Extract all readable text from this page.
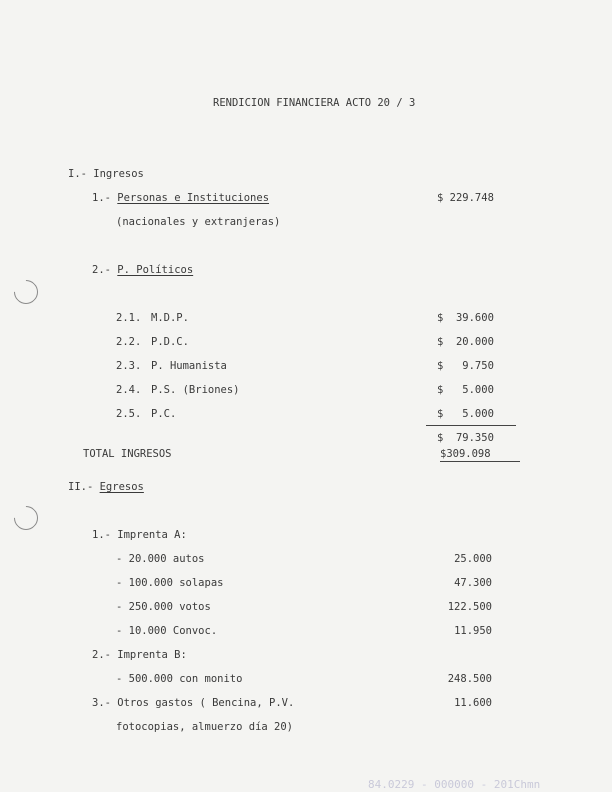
RENDICION FINANCIERA ACTO 20 / 3
I.- Ingresos
1.- Personas e Instituciones	$ 229.748
(nacionales y extranjeras)
2.- P. Políticos
2.1. M.D.P.	$  39.600
2.2. P.D.C.	$  20.000
2.3. P. Humanista	$   9.750
2.4. P.S. (Briones)	$   5.000
2.5. P.C.	$   5.000
$  79.350
TOTAL INGRESOS	$309.098
II.- Egresos
1.- Imprenta A:
- 20.000 autos	25.000
- 100.000 solapas	47.300
- 250.000 votos	122.500
- 10.000 Convoc.	11.950
2.- Imprenta B:
- 500.000 con monito	248.500
3.- Otros gastos ( Bencina, P.V.	11.600
fotocopias, almuerzo día 20)
84.0229 - 000000 - 201Chmn
